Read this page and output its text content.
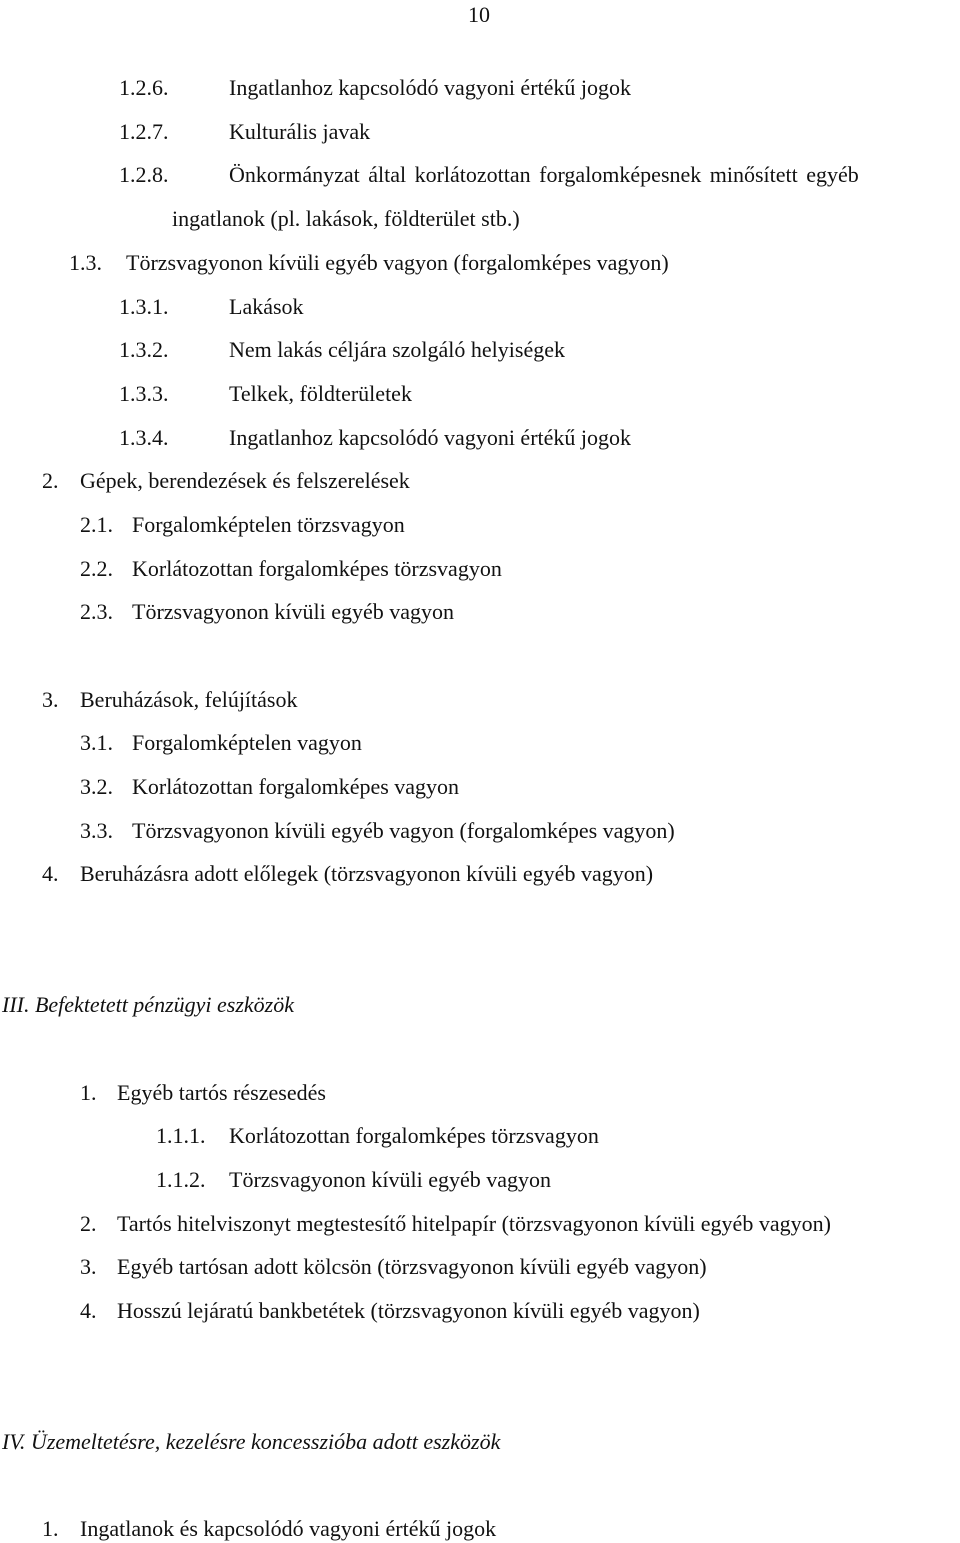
10
1.2.6.	Ingatlanhoz kapcsolódó vagyoni értékű jogok
1.2.7.	Kulturális javak
1.2.8.	Önkormányzat által korlátozottan forgalomképesnek minősített egyéb
ingatlanok (pl. lakások, földterület stb.)
1.3. Törzsvagyonon kívüli egyéb vagyon (forgalomképes vagyon)
1.3.1.	Lakások
1.3.2.	Nem lakás céljára szolgáló helyiségek
1.3.3.	Telkek, földterületek
1.3.4.	Ingatlanhoz kapcsolódó vagyoni értékű jogok
2. Gépek, berendezések és felszerelések
2.1. Forgalomképtelen törzsvagyon
2.2. Korlátozottan forgalomképes törzsvagyon
2.3. Törzsvagyonon kívüli egyéb vagyon
3. Beruházások, felújítások
3.1. Forgalomképtelen vagyon
3.2. Korlátozottan forgalomképes vagyon
3.3. Törzsvagyonon kívüli egyéb vagyon (forgalomképes vagyon)
4. Beruházásra adott előlegek (törzsvagyonon kívüli egyéb vagyon)
III. Befektetett pénzügyi eszközök
1. Egyéb tartós részesedés
1.1.1. Korlátozottan forgalomképes törzsvagyon
1.1.2. Törzsvagyonon kívüli egyéb vagyon
2. Tartós hitelviszonyt megtestesítő hitelpapír (törzsvagyonon kívüli egyéb vagyon)
3. Egyéb tartósan adott kölcsön (törzsvagyonon kívüli egyéb vagyon)
4. Hosszú lejáratú bankbetétek (törzsvagyonon kívüli egyéb vagyon)
IV. Üzemeltetésre, kezelésre koncesszióba adott eszközök
1. Ingatlanok és kapcsolódó vagyoni értékű jogok
